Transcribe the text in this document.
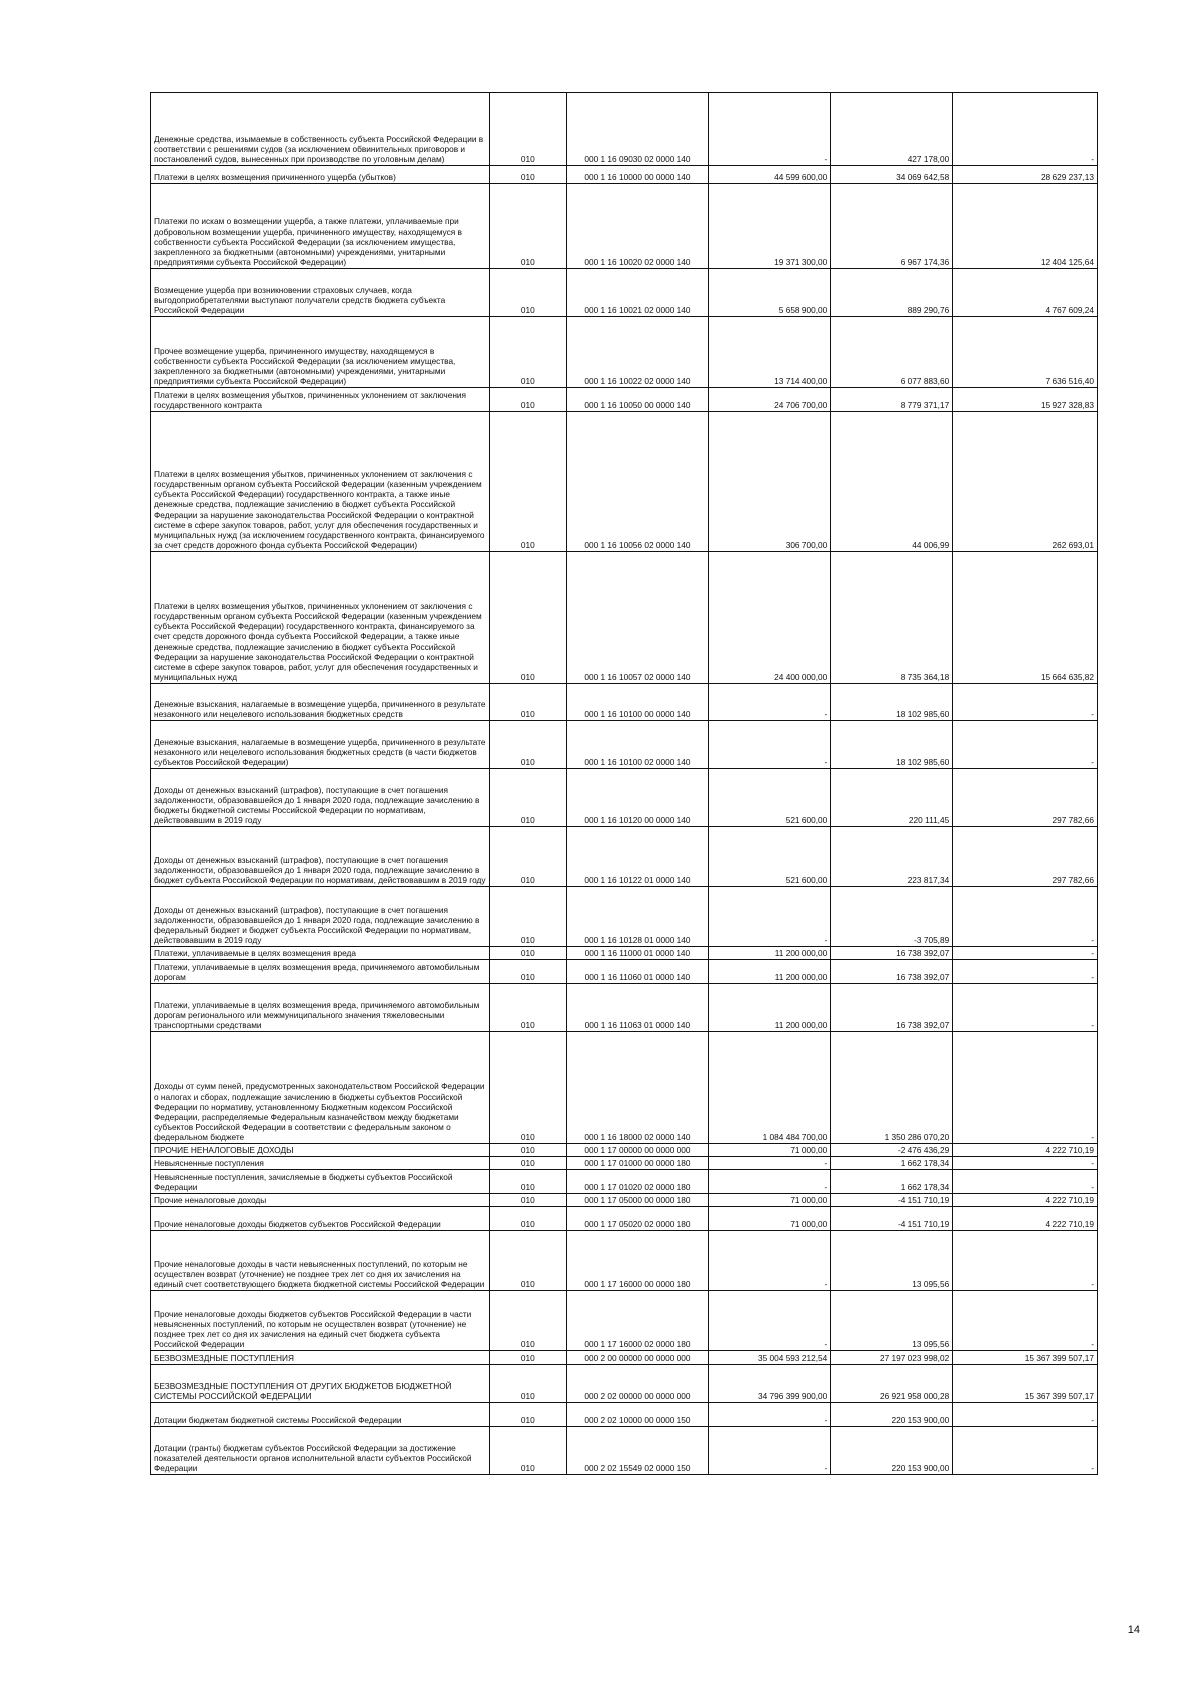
Денежные средства, изымаемые в собственность субъекта Российской Федерации в соответствии с решениями судов (за исключением обвинительных приговоров и постановлений судов, вынесенных при производстве по уголовным делам)	010	000 1 16 09030 02 0000 140	-	427 178,00	-
Платежи в целях возмещения причиненного ущерба (убытков)	010	000 1 16 10000 00 0000 140	44 599 600,00	34 069 642,58	28 629 237,13
Платежи по искам о возмещении ущерба, а также платежи, уплачиваемые при добровольном возмещении ущерба, причиненного имуществу, находящемуся в собственности субъекта Российской Федерации (за исключением имущества, закрепленного за бюджетными (автономными) учреждениями, унитарными предприятиями субъекта Российской Федерации)	010	000 1 16 10020 02 0000 140	19 371 300,00	6 967 174,36	12 404 125,64
Возмещение ущерба при возникновении страховых случаев, когда выгодоприобретателями выступают получатели средств бюджета субъекта Российской Федерации	010	000 1 16 10021 02 0000 140	5 658 900,00	889 290,76	4 767 609,24
Прочее возмещение ущерба, причиненного имуществу, находящемуся в собственности субъекта Российской Федерации (за исключением имущества, закрепленного за бюджетными (автономными) учреждениями, унитарными предприятиями субъекта Российской Федерации)	010	000 1 16 10022 02 0000 140	13 714 400,00	6 077 883,60	7 636 516,40
Платежи в целях возмещения убытков, причиненных уклонением от заключения государственного контракта	010	000 1 16 10050 00 0000 140	24 706 700,00	8 779 371,17	15 927 328,83
Платежи в целях возмещения убытков, причиненных уклонением от заключения с государственным органом субъекта Российской Федерации (казенным учреждением субъекта Российской Федерации) государственного контракта, а также иные денежные средства, подлежащие зачислению в бюджет субъекта Российской Федерации за нарушение законодательства Российской Федерации о контрактной системе в сфере закупок товаров, работ, услуг для обеспечения государственных и муниципальных нужд (за исключением государственного контракта, финансируемого за счет средств дорожного фонда субъекта Российской Федерации)	010	000 1 16 10056 02 0000 140	306 700,00	44 006,99	262 693,01
Платежи в целях возмещения убытков, причиненных уклонением от заключения с государственным органом субъекта Российской Федерации (казенным учреждением субъекта Российской Федерации) государственного контракта, финансируемого за счет средств дорожного фонда субъекта Российской Федерации, а также иные денежные средства, подлежащие зачислению в бюджет субъекта Российской Федерации за нарушение законодательства Российской Федерации о контрактной системе в сфере закупок товаров, работ, услуг для обеспечения государственных и муниципальных нужд	010	000 1 16 10057 02 0000 140	24 400 000,00	8 735 364,18	15 664 635,82
Денежные взыскания, налагаемые в возмещение ущерба, причиненного в результате незаконного или нецелевого использования бюджетных средств	010	000 1 16 10100 00 0000 140	-	18 102 985,60	-
Денежные взыскания, налагаемые в возмещение ущерба, причиненного в результате незаконного или нецелевого использования бюджетных средств (в части бюджетов субъектов Российской Федерации)	010	000 1 16 10100 02 0000 140	-	18 102 985,60	-
Доходы от денежных взысканий (штрафов), поступающие в счет погашения задолженности, образовавшейся до 1 января 2020 года, подлежащие зачислению в бюджеты бюджетной системы Российской Федерации по нормативам, действовавшим в 2019 году	010	000 1 16 10120 00 0000 140	521 600,00	220 111,45	297 782,66
Доходы от денежных взысканий (штрафов), поступающие в счет погашения задолженности, образовавшейся до 1 января 2020 года, подлежащие зачислению в бюджет субъекта Российской Федерации по нормативам, действовавшим в 2019 году	010	000 1 16 10122 01 0000 140	521 600,00	223 817,34	297 782,66
Доходы от денежных взысканий (штрафов), поступающие в счет погашения задолженности, образовавшейся до 1 января 2020 года, подлежащие зачислению в федеральный бюджет и бюджет субъекта Российской Федерации по нормативам, действовавшим в 2019 году	010	000 1 16 10128 01 0000 140	-	-3 705,89	-
Платежи, уплачиваемые в целях возмещения вреда	010	000 1 16 11000 01 0000 140	11 200 000,00	16 738 392,07	-
Платежи, уплачиваемые в целях возмещения вреда, причиняемого автомобильным дорогам	010	000 1 16 11060 01 0000 140	11 200 000,00	16 738 392,07	-
Платежи, уплачиваемые в целях возмещения вреда, причиняемого автомобильным дорогам регионального или межмуниципального значения тяжеловесными транспортными средствами	010	000 1 16 11063 01 0000 140	11 200 000,00	16 738 392,07	-
Доходы от сумм пеней, предусмотренных законодательством Российской Федерации о налогах и сборах, подлежащие зачислению в бюджеты субъектов Российской Федерации по нормативу, установленному Бюджетным кодексом Российской Федерации, распределяемые Федеральным казначейством между бюджетами субъектов Российской Федерации в соответствии с федеральным законом о федеральном бюджете	010	000 1 16 18000 02 0000 140	1 084 484 700,00	1 350 286 070,20	-
ПРОЧИЕ НЕНАЛОГОВЫЕ ДОХОДЫ	010	000 1 17 00000 00 0000 000	71 000,00	-2 476 436,29	4 222 710,19
Невыясненные поступления	010	000 1 17 01000 00 0000 180	-	1 662 178,34	-
Невыясненные поступления, зачисляемые в бюджеты субъектов Российской Федерации	010	000 1 17 01020 02 0000 180	-	1 662 178,34	-
Прочие неналоговые доходы	010	000 1 17 05000 00 0000 180	71 000,00	-4 151 710,19	4 222 710,19
Прочие неналоговые доходы бюджетов субъектов Российской Федерации	010	000 1 17 05020 02 0000 180	71 000,00	-4 151 710,19	4 222 710,19
Прочие неналоговые доходы в части невыясненных поступлений, по которым не осуществлен возврат (уточнение) не позднее трех лет со дня их зачисления на единый счет соответствующего бюджета бюджетной системы Российской Федерации	010	000 1 17 16000 00 0000 180	-	13 095,56	-
Прочие неналоговые доходы бюджетов субъектов Российской Федерации в части невыясненных поступлений, по которым не осуществлен возврат (уточнение) не позднее трех лет со дня их зачисления на единый счет бюджета субъекта Российской Федерации	010	000 1 17 16000 02 0000 180	-	13 095,56	-
БЕЗВОЗМЕЗДНЫЕ ПОСТУПЛЕНИЯ	010	000 2 00 00000 00 0000 000	35 004 593 212,54	27 197 023 998,02	15 367 399 507,17
БЕЗВОЗМЕЗДНЫЕ ПОСТУПЛЕНИЯ ОТ ДРУГИХ БЮДЖЕТОВ БЮДЖЕТНОЙ СИСТЕМЫ РОССИЙСКОЙ ФЕДЕРАЦИИ	010	000 2 02 00000 00 0000 000	34 796 399 900,00	26 921 958 000,28	15 367 399 507,17
Дотации бюджетам бюджетной системы Российской Федерации	010	000 2 02 10000 00 0000 150	-	220 153 900,00	-
Дотации (гранты) бюджетам субъектов Российской Федерации за достижение показателей деятельности органов исполнительной власти субъектов Российской Федерации	010	000 2 02 15549 02 0000 150	-	220 153 900,00	-
14
